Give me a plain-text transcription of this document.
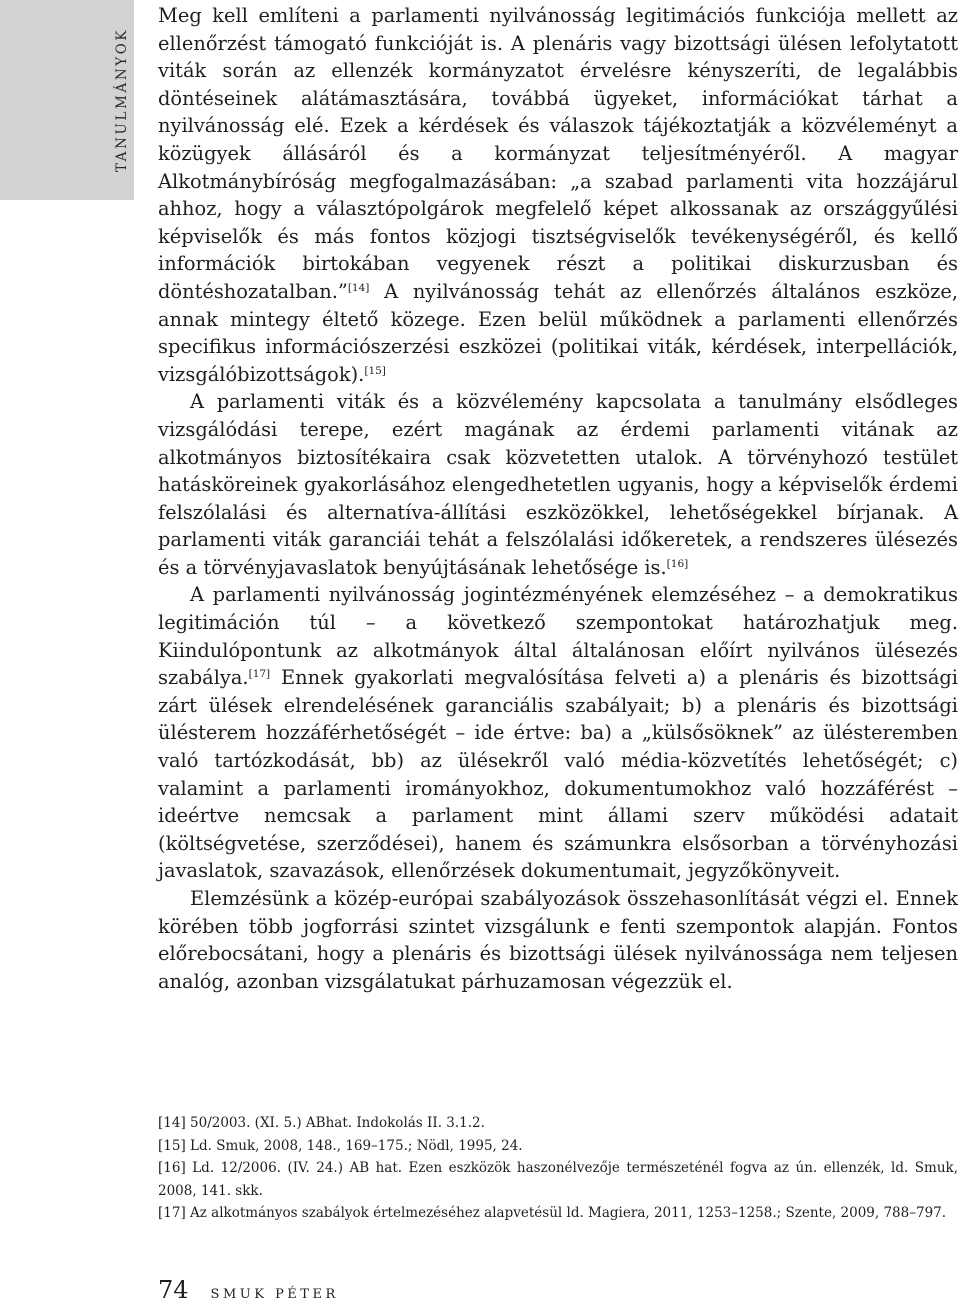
TANULMÁNYOK

Meg kell említeni a parlamenti nyilvánosság legitimációs funkciója mellett az ellenőrzést támogató funkcióját is. A plenáris vagy bizottsági ülésen lefolytatott viták során az ellenzék kormányzatot érvelésre kényszeríti, de legalábbis döntéseinek alátámasztására, továbbá ügyeket, információkat tárhat a nyilvánosság elé. Ezek a kérdések és válaszok tájékoztatják a közvéleményt a közügyek állásáról és a kormányzat teljesítményéről. A magyar Alkotmánybíróság megfogalmazásában: „a szabad parlamenti vita hozzájárul ahhoz, hogy a választópolgárok megfelelő képet alkossanak az országgyűlési képviselők és más fontos közjogi tisztségviselők tevékenységéről, és kellő információk birtokában vegyenek részt a politikai diskurzusban és döntéshozatalban.”[14] A nyilvánosság tehát az ellenőrzés általános eszköze, annak mintegy éltető közege. Ezen belül működnek a parlamenti ellenőrzés specifikus információszerzési eszközei (politikai viták, kérdések, interpellációk, vizsgálóbizottságok).[15]

A parlamenti viták és a közvélemény kapcsolata a tanulmány elsődleges vizsgálódási terepe, ezért magának az érdemi parlamenti vitának az alkotmányos biztosítékaira csak közvetetten utalok. A törvényhozó testület hatásköreinek gyakorlásához elengedhetetlen ugyanis, hogy a képviselők érdemi felszólalási és alternatíva-állítási eszközökkel, lehetőségekkel bírjanak. A parlamenti viták garanciái tehát a felszólalási időkeretek, a rendszeres ülésezés és a törvényjavaslatok benyújtásának lehetősége is.[16]

A parlamenti nyilvánosság jogintézményének elemzéséhez – a demokratikus legitimáción túl – a következő szempontokat határozhatjuk meg. Kiindulópontunk az alkotmányok által általánosan előírt nyilvános ülésezés szabálya.[17] Ennek gyakorlati megvalósítása felveti a) a plenáris és bizottsági zárt ülések elrendelésének garanciális szabályait; b) a plenáris és bizottsági ülésterem hozzáférhetőségét – ide értve: ba) a „külsősöknek” az ülésteremben való tartózkodását, bb) az ülésekről való média-közvetítés lehetőségét; c) valamint a parlamenti irományokhoz, dokumentumokhoz való hozzáférést – ideértve nemcsak a parlament mint állami szerv működési adatait (költségvetése, szerződései), hanem és számunkra elsősorban a törvényhozási javaslatok, szavazások, ellenőrzések dokumentumait, jegyzőkönyveit.

Elemzésünk a közép-európai szabályozások összehasonlítását végzi el. Ennek körében több jogforrási szintet vizsgálunk e fenti szempontok alapján. Fontos előrebocsátani, hogy a plenáris és bizottsági ülések nyilvánossága nem teljesen analóg, azonban vizsgálatukat párhuzamosan végezzük el.

[14] 50/2003. (XI. 5.) ABhat. Indokolás II. 3.1.2.

[15] Ld. Smuk, 2008, 148., 169–175.; Nödl, 1995, 24.

[16] Ld. 12/2006. (IV. 24.) AB hat. Ezen eszközök haszonélvezője természeténél fogva az ún. ellenzék, ld. Smuk, 2008, 141. skk.

[17] Az alkotmányos szabályok értelmezéséhez alapvetésül ld. Magiera, 2011, 1253–1258.; Szente, 2009, 788–797.

74 SMUK PÉTER
